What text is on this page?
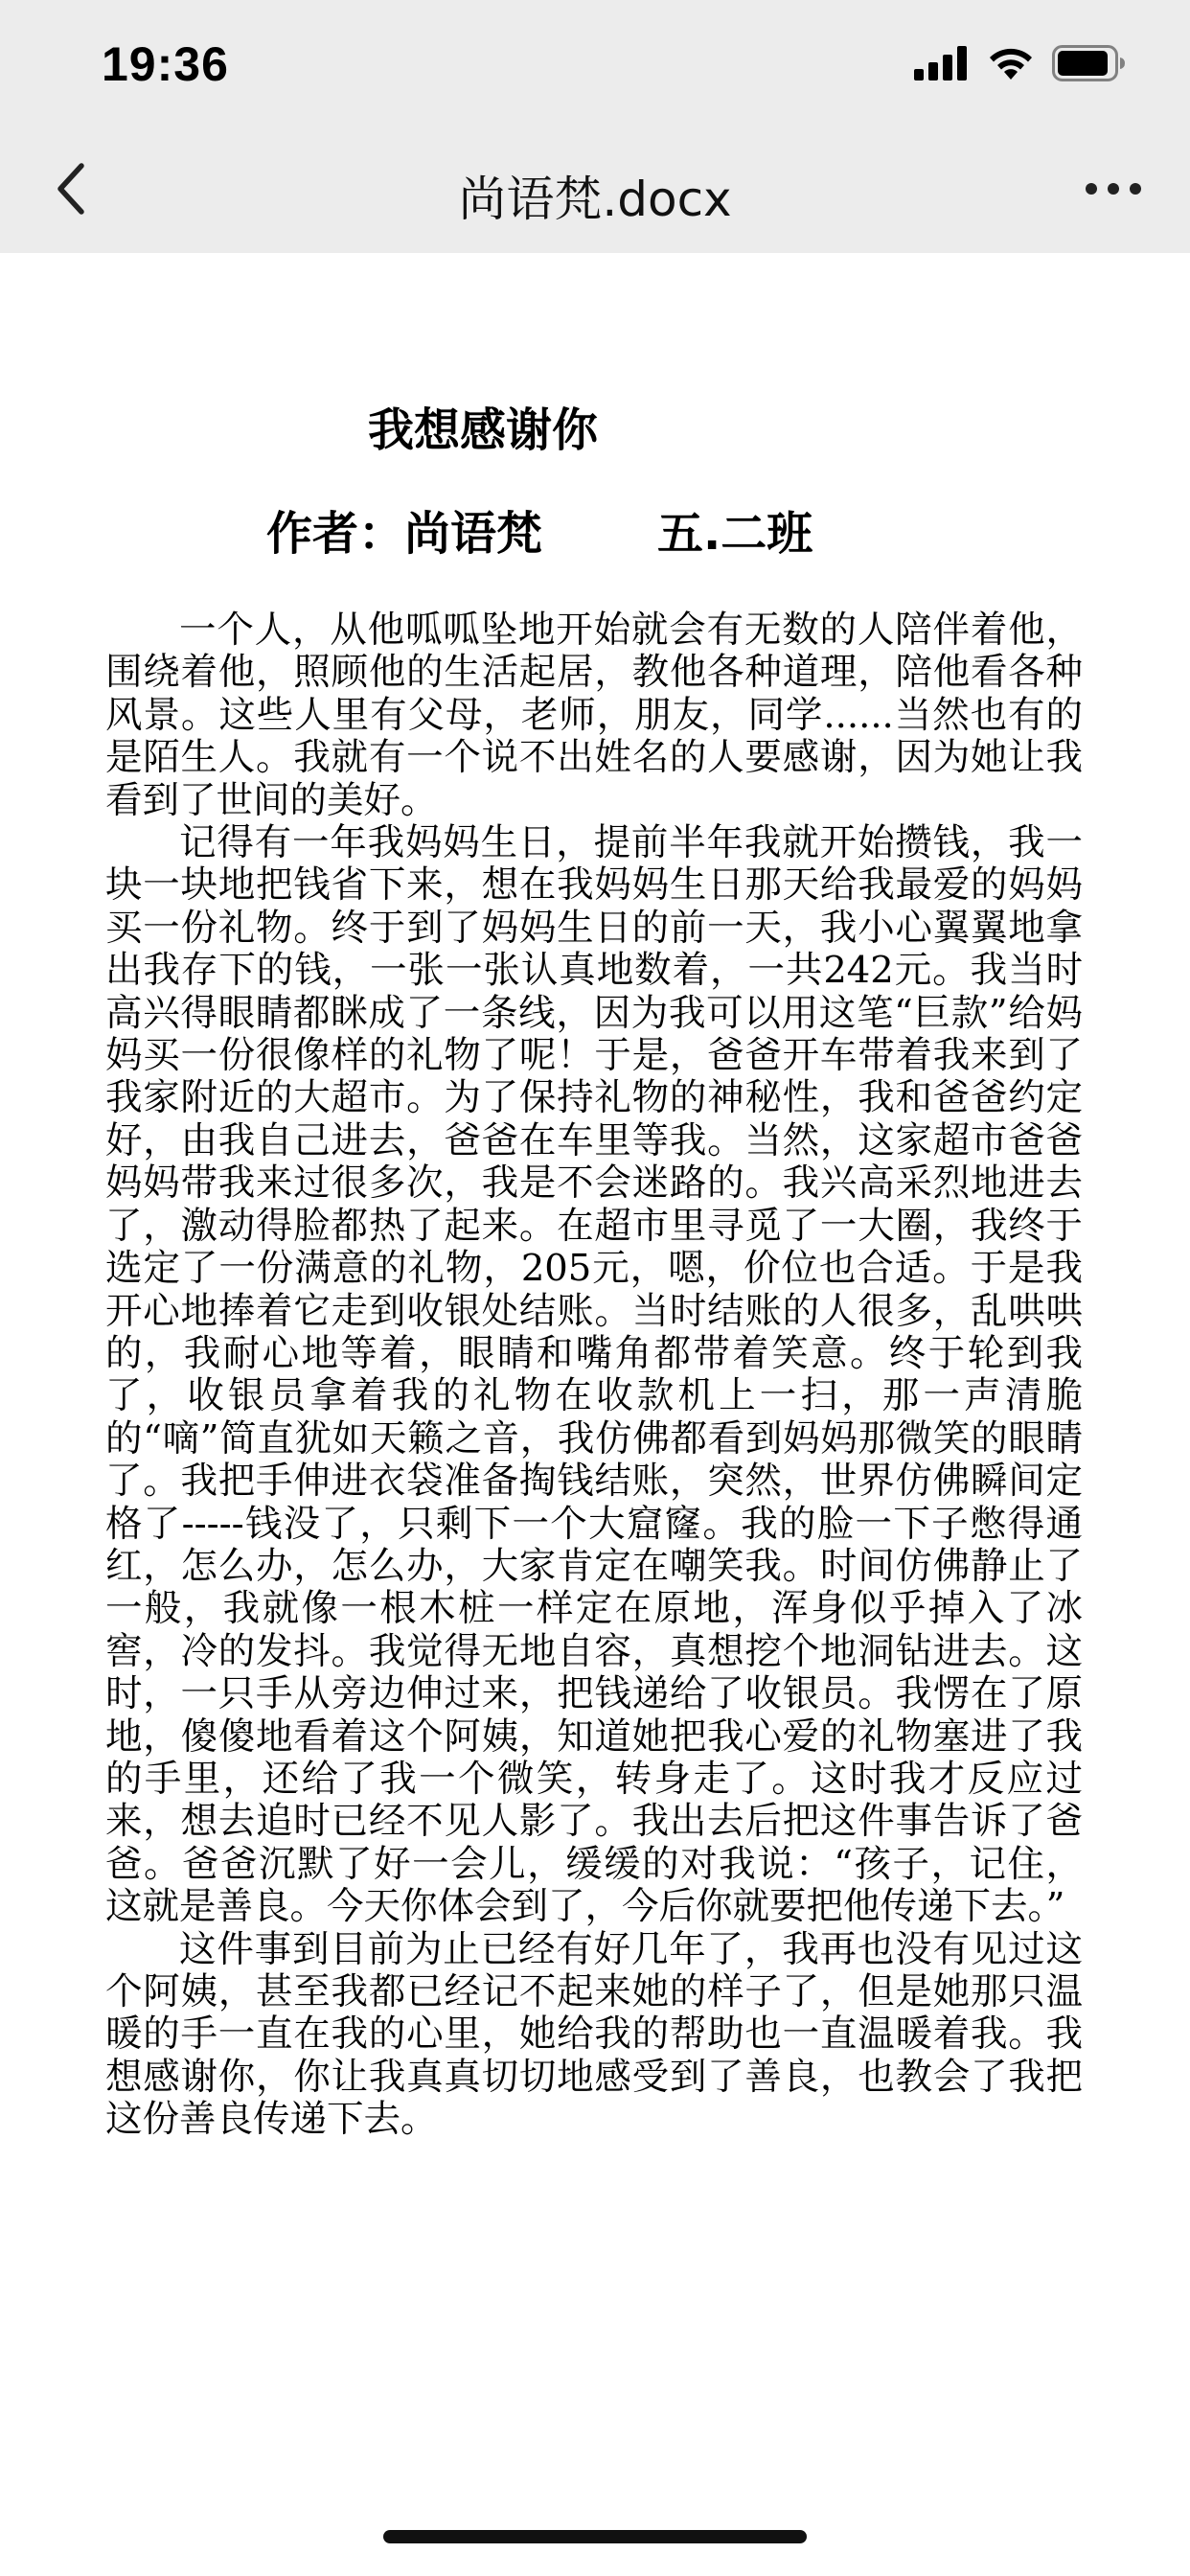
19:36
尚语梵.docx
我想感谢你
作者：尚语梵	五.二班

一个人，从他呱呱坠地开始就会有无数的人陪伴着他，围绕着他，照顾他的生活起居，教他各种道理，陪他看各种风景。这些人里有父母，老师，朋友，同学......当然也有的是陌生人。我就有一个说不出姓名的人要感谢，因为她让我看到了世间的美好。

记得有一年我妈妈生日，提前半年我就开始攒钱，我一块一块地把钱省下来，想在我妈妈生日那天给我最爱的妈妈买一份礼物。终于到了妈妈生日的前一天，我小心翼翼地拿出我存下的钱，一张一张认真地数着，一共242元。我当时高兴得眼睛都眯成了一条线，因为我可以用这笔“巨款”给妈妈买一份很像样的礼物了呢！于是，爸爸开车带着我来到了我家附近的大超市。为了保持礼物的神秘性，我和爸爸约定好，由我自己进去，爸爸在车里等我。当然，这家超市爸爸妈妈带我来过很多次，我是不会迷路的。我兴高采烈地进去了，激动得脸都热了起来。在超市里寻觅了一大圈，我终于选定了一份满意的礼物，205元，嗯，价位也合适。于是我开心地捧着它走到收银处结账。当时结账的人很多，乱哄哄的，我耐心地等着，眼睛和嘴角都带着笑意。终于轮到我了，收银员拿着我的礼物在收款机上一扫，那一声清脆的“嘀”简直犹如天籁之音，我仿佛都看到妈妈那微笑的眼睛了。我把手伸进衣袋准备掏钱结账，突然，世界仿佛瞬间定格了-----钱没了，只剩下一个大窟窿。我的脸一下子憋得通红，怎么办，怎么办，大家肯定在嘲笑我。时间仿佛静止了一般，我就像一根木桩一样定在原地，浑身似乎掉入了冰窖，冷的发抖。我觉得无地自容，真想挖个地洞钻进去。这时，一只手从旁边伸过来，把钱递给了收银员。我愣在了原地，傻傻地看着这个阿姨，知道她把我心爱的礼物塞进了我的手里，还给了我一个微笑，转身走了。这时我才反应过来，想去追时已经不见人影了。我出去后把这件事告诉了爸爸。爸爸沉默了好一会儿，缓缓的对我说：“孩子，记住，这就是善良。今天你体会到了，今后你就要把他传递下去。”

这件事到目前为止已经有好几年了，我再也没有见过这个阿姨，甚至我都已经记不起来她的样子了，但是她那只温暖的手一直在我的心里，她给我的帮助也一直温暖着我。我想感谢你，你让我真真切切地感受到了善良，也教会了我把这份善良传递下去。
